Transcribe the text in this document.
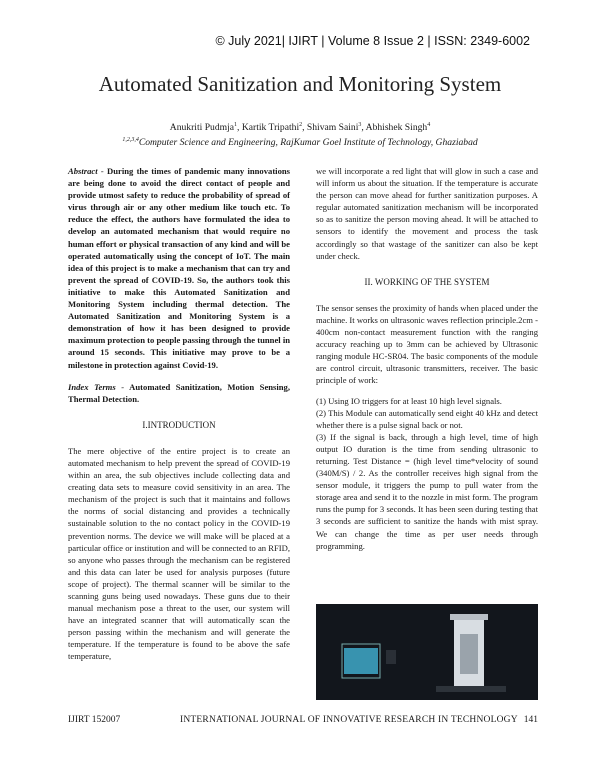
© July 2021| IJIRT | Volume 8 Issue 2 | ISSN: 2349-6002
Automated Sanitization and Monitoring System
Anukriti Pudmja$^1$, Kartik Tripathi$^2$, Shivam Saini$^3$, Abhishek Singh$^4$
$^{1,2,3,4}$Computer Science and Engineering, RajKumar Goel Institute of Technology, Ghaziabad

Abstract - During the times of pandemic many innovations are being done to avoid the direct contact of people and provide utmost safety to reduce the probability of spread of virus through air or any other medium like touch etc. To reduce the effect, the authors have formulated the idea to develop an automated mechanism that would require no human effort or physical transaction of any kind and will be operated automatically using the concept of IoT. The main idea of this project is to make a mechanism that can try and prevent the spread of COVID-19. So, the authors took this initiative to make this Automated Sanitization and Monitoring System including thermal detection. The Automated Sanitization and Monitoring System is a demonstration of how it has been designed to provide maximum protection to people passing through the tunnel in around 15 seconds. This initiative may prove to be a milestone in protection against Covid-19.

Index Terms - Automated Sanitization, Motion Sensing, Thermal Detection.

I.INTRODUCTION

The mere objective of the entire project is to create an automated mechanism to help prevent the spread of COVID-19 within an area, the sub objectives include collecting data and creating data sets to measure covid sensitivity in an area. The mechanism of the project is such that it maintains and follows the norms of social distancing and provides a technically sustainable solution to the no contact policy in the COVID-19 prevention norms. The device we will make will be placed at a particular office or institution and will be connected to an RFID, so anyone who passes through the mechanism can be registered and this data can later be used for analysis purposes (future scope of project). The thermal scanner will be similar to the scanning guns being used nowadays. These guns due to their manual mechanism pose a threat to the user, our system will have an integrated scanner that will automatically scan the person passing within the mechanism and will generate the temperature. If the temperature is found to be above the safe temperature,

we will incorporate a red light that will glow in such a case and will inform us about the situation. If the temperature is accurate the person can move ahead for further sanitization purposes. A regular automated sanitization mechanism will be incorporated so as to sanitize the person moving ahead. It will be attached to sensors to identify the movement and process the task accordingly so that wastage of the sanitizer can also be kept under check.

II. WORKING OF THE SYSTEM

The sensor senses the proximity of hands when placed under the machine. It works on ultrasonic waves reflection principle.2cm - 400cm non-contact measurement function with the ranging accuracy reaching up to 3mm can be achieved by Ultrasonic ranging module HC-SR04. The basic components of the module are control circuit, ultrasonic transmitters, receiver. The basic principle of work:

(1) Using IO triggers for at least 10 high level signals.

(2) This Module can automatically send eight 40 kHz and detect whether there is a pulse signal back or not.

(3) If the signal is back, through a high level, time of high output IO duration is the time from sending ultrasonic to returning. Test Distance = (high level time*velocity of sound (340M/S) / 2. As the controller receives high signal from the sensor module, it triggers the pump to pull water from the storage area and send it to the nozzle in mist form. The program runs the pump for 3 seconds. It has been seen during testing that 3 seconds are sufficient to sanitize the hands with mist spray. We can change the time as per user needs through programming.

IJIRT 152007	INTERNATIONAL JOURNAL OF INNOVATIVE RESEARCH IN TECHNOLOGY 141
